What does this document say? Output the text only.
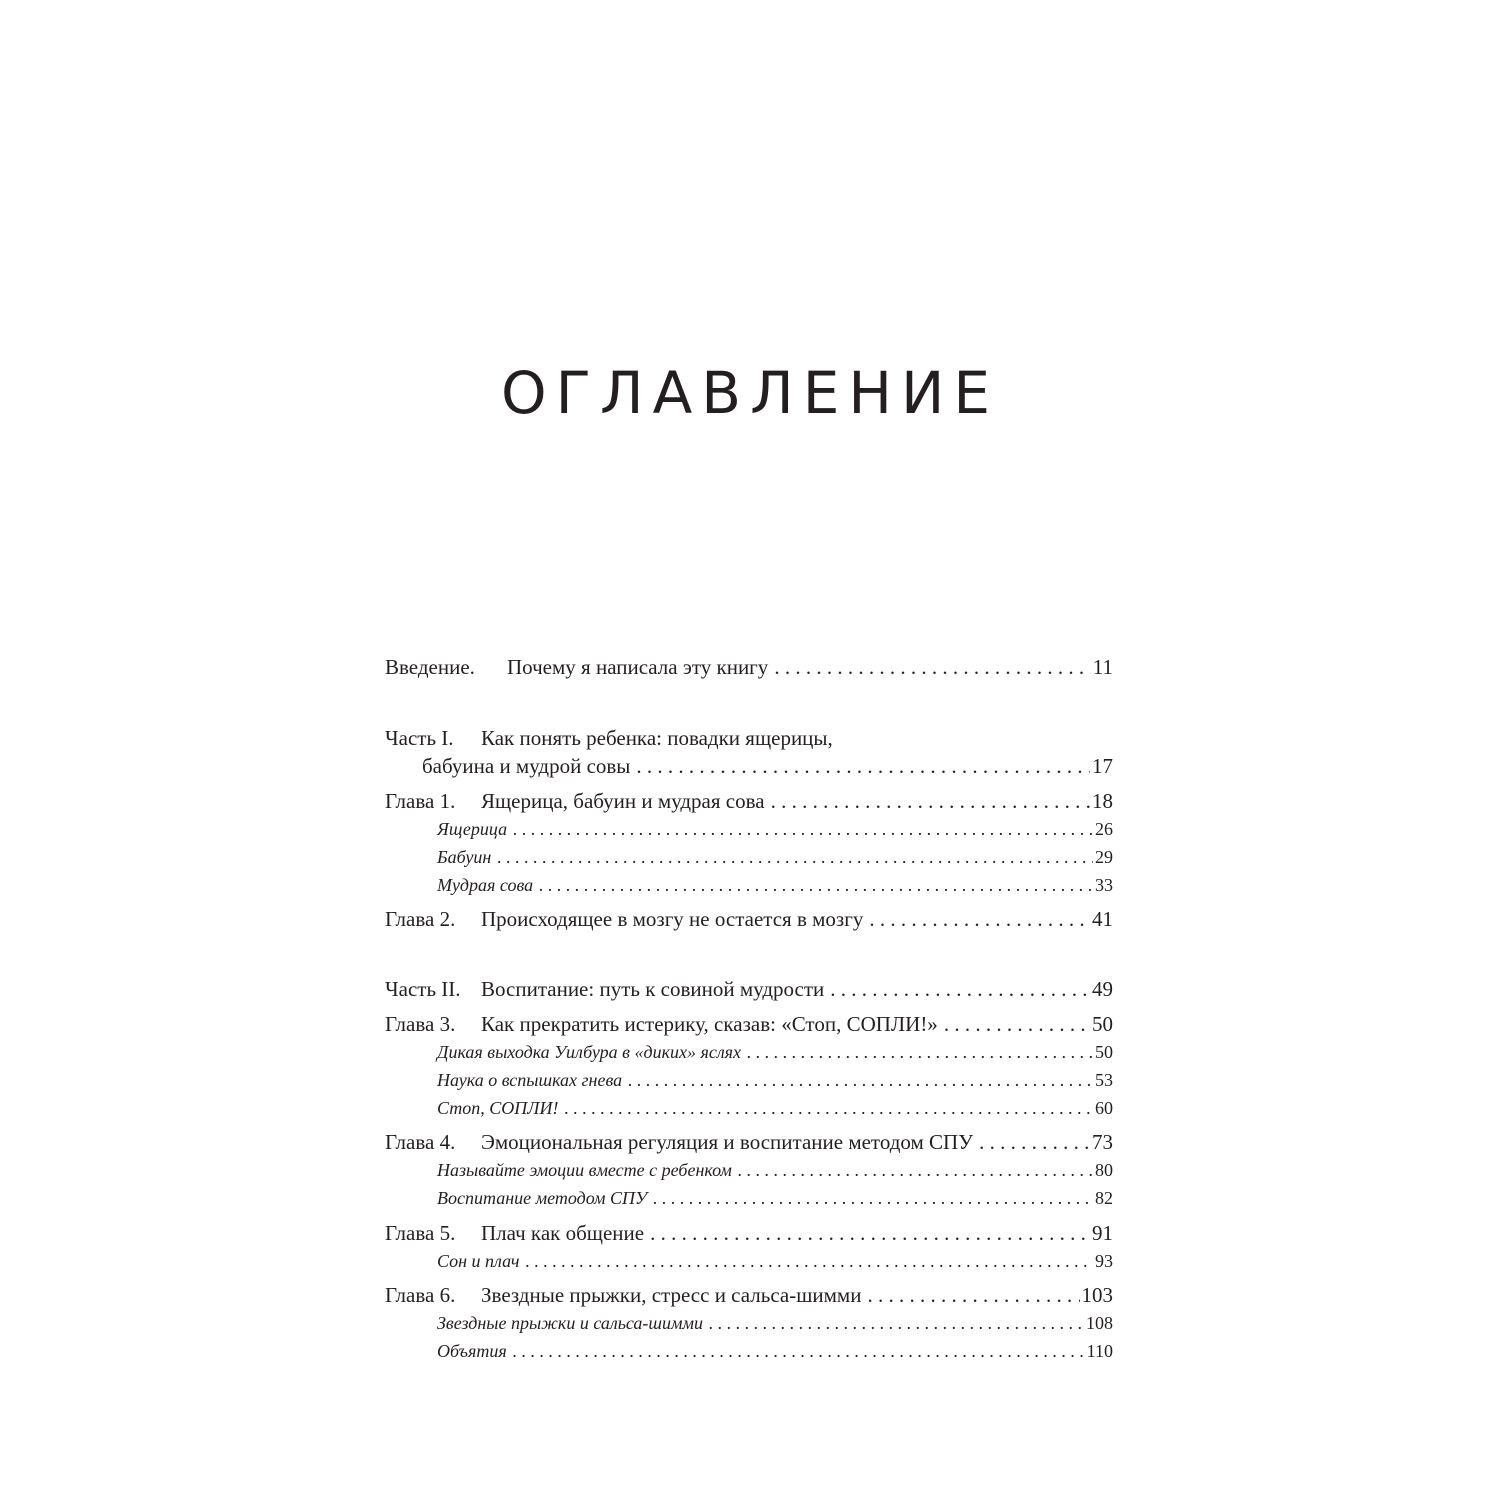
ОГЛАВЛЕНИЕ
Введение.	Почему я написала эту книгу . . .	11
Часть I.	Как понять ребенка: повадки ящерицы,
бабуина и мудрой совы . . .	17
Глава 1.	Ящерица, бабуин и мудрая сова . . .	18
Ящерица . . .	26
Бабуин . . .	29
Мудрая сова . . .	33
Глава 2.	Происходящее в мозгу не остается в мозгу . . .	41
Часть II. Воспитание: путь к совиной мудрости . . .	49
Глава 3.	Как прекратить истерику, сказав: «Стоп, СОПЛИ!» . . .	50
Дикая выходка Уилбура в «диких» яслях . . .	50
Наука о вспышках гнева . . .	53
Стоп, СОПЛИ! . . .	60
Глава 4.	Эмоциональная регуляция и воспитание методом СПУ . . .	73
Называйте эмоции вместе с ребенком . . .	80
Воспитание методом СПУ . . .	82
Глава 5.	Плач как общение . . .	91
Сон и плач . . .	93
Глава 6.	Звездные прыжки, стресс и сальса-шимми . . .	103
Звездные прыжки и сальса-шимми . . .	108
Объятия . . .	110
